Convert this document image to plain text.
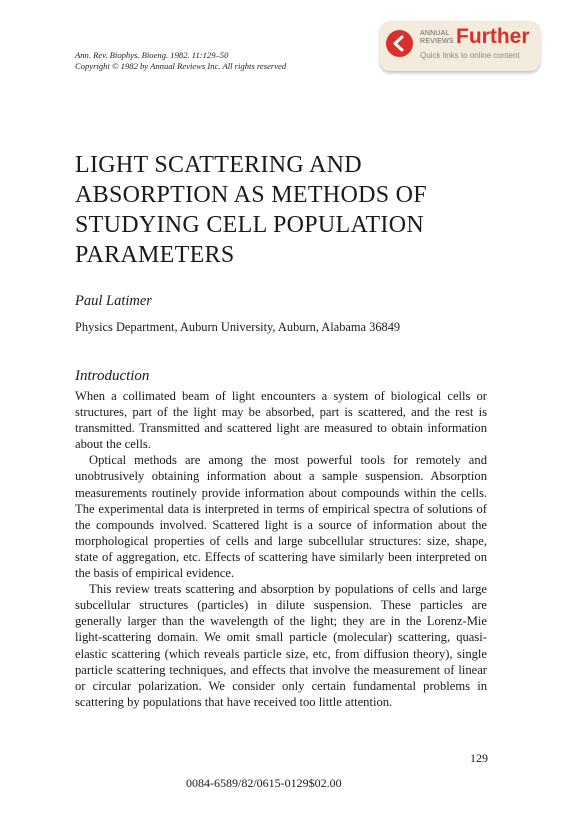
Ann. Rev. Biophys. Bioeng. 1982. 11:129–50
Copyright © 1982 by Annual Reviews Inc. All rights reserved
ANNUAL
REVIEWS Further
Quick links to online content
LIGHT SCATTERING AND ABSORPTION AS METHODS OF STUDYING CELL POPULATION PARAMETERS
Paul Latimer
Physics Department, Auburn University, Auburn, Alabama 36849
Introduction

When a collimated beam of light encounters a system of biological cells or structures, part of the light may be absorbed, part is scattered, and the rest is transmitted. Transmitted and scattered light are measured to obtain information about the cells.

Optical methods are among the most powerful tools for remotely and unobtrusively obtaining information about a sample suspension. Absorption measurements routinely provide information about compounds within the cells. The experimental data is interpreted in terms of empirical spectra of solutions of the compounds involved. Scattered light is a source of information about the morphological properties of cells and large subcellular structures: size, shape, state of aggregation, etc. Effects of scattering have similarly been interpreted on the basis of empirical evidence.

This review treats scattering and absorption by populations of cells and large subcellular structures (particles) in dilute suspension. These particles are generally larger than the wavelength of the light; they are in the Lorenz-Mie light-scattering domain. We omit small particle (molecular) scattering, quasi-elastic scattering (which reveals particle size, etc, from diffusion theory), single particle scattering techniques, and effects that involve the measurement of linear or circular polarization. We consider only certain fundamental problems in scattering by populations that have received too little attention.

129
0084-6589/82/0615-0129$02.00
